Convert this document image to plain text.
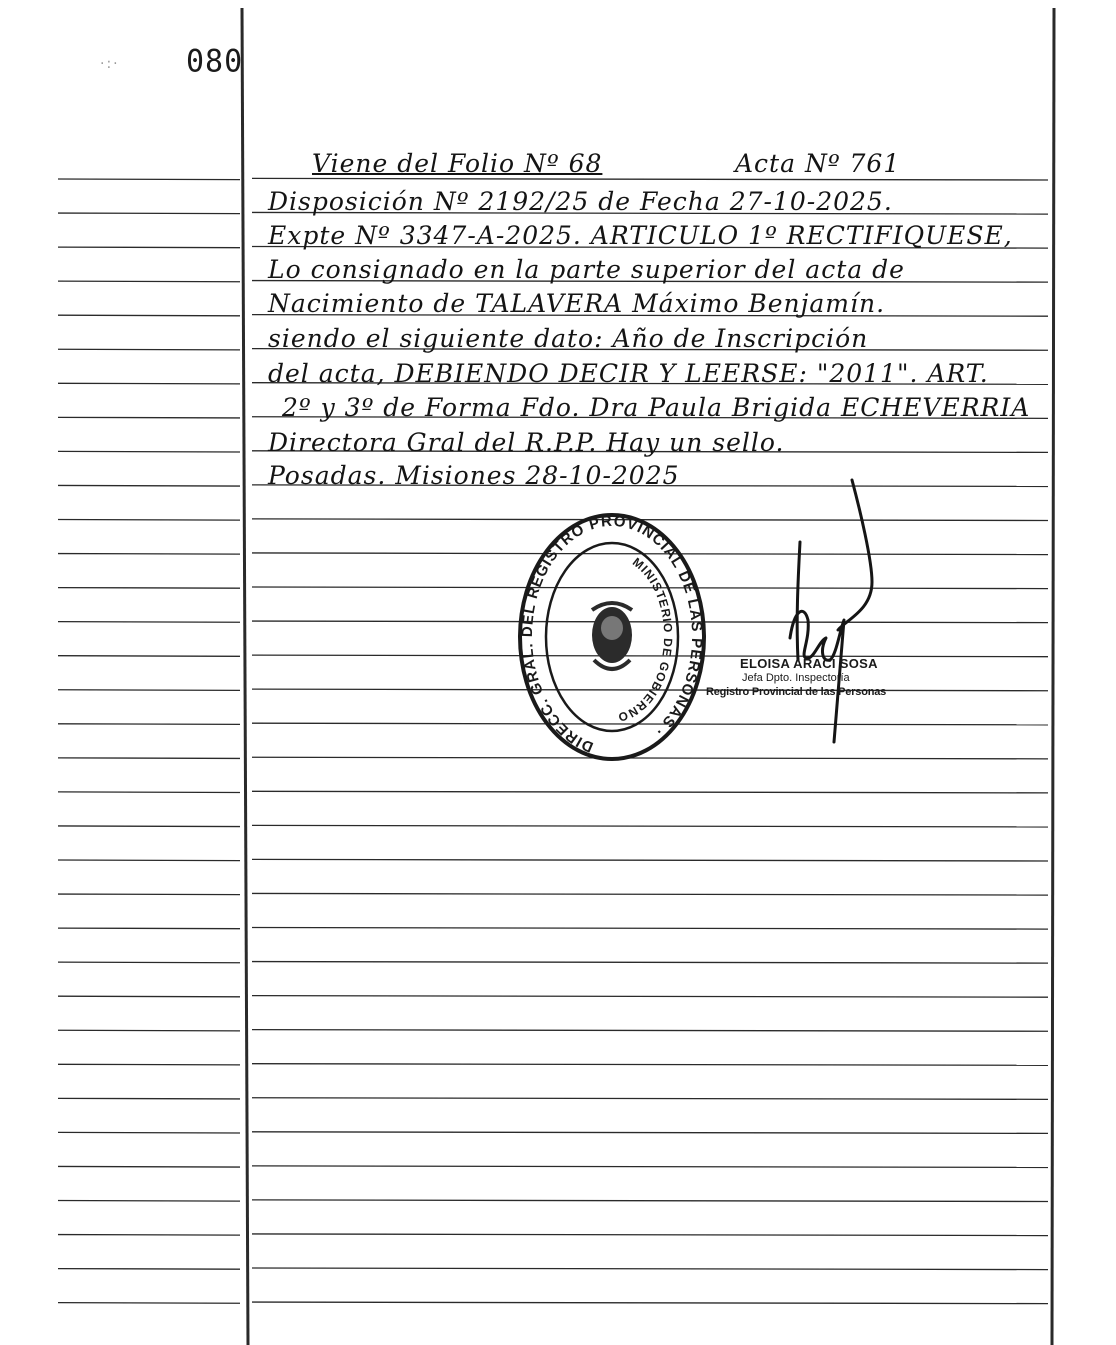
·:· 080
Viene del Folio Nº 68	Acta Nº 761
Disposición Nº 2192/25 de Fecha 27-10-2025.
Expte Nº 3347-A-2025. ARTICULO 1º RECTIFIQUESE,
Lo consignado en la parte superior del acta de
Nacimiento de TALAVERA Máximo Benjamín.
siendo el siguiente dato: Año de Inscripción
del acta, DEBIENDO DECIR Y LEERSE: "2011". ART.
2º y 3º de Forma Fdo. Dra Paula Brigida ECHEVERRIA
Directora Gral del R.P.P. Hay un sello.
Posadas. Misiones 28-10-2025
DIRECC. GRAL. DEL REGISTRO PROVINCIAL DE LAS PERSONAS ·
MINISTERIO DE GOBIERNO
ELOISA ARACI SOSA
Jefa Dpto. Inspectoría
Registro Provincial de las Personas
